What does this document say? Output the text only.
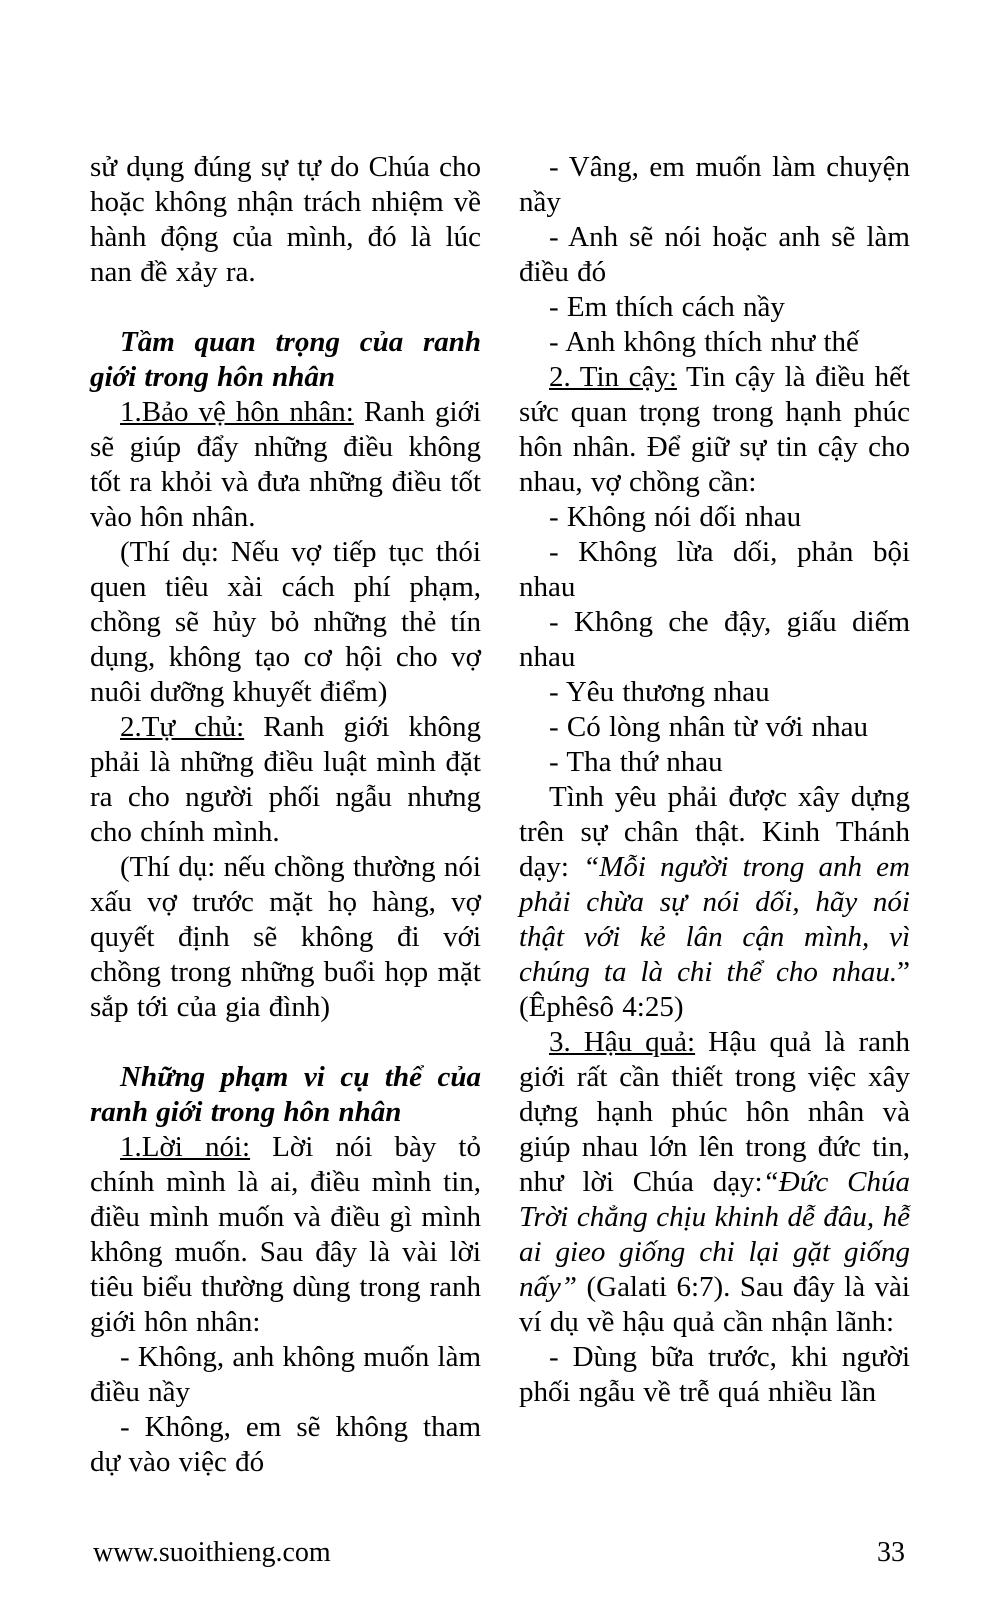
sử dụng đúng sự tự do Chúa cho hoặc không nhận trách nhiệm về hành động của mình, đó là lúc nan đề xảy ra.

Tầm quan trọng của ranh giới trong hôn nhân

1.Bảo vệ hôn nhân: Ranh giới sẽ giúp đẩy những điều không tốt ra khỏi và đưa những điều tốt vào hôn nhân.

(Thí dụ: Nếu vợ tiếp tục thói quen tiêu xài cách phí phạm, chồng sẽ hủy bỏ những thẻ tín dụng, không tạo cơ hội cho vợ nuôi dưỡng khuyết điểm)

2.Tự chủ: Ranh giới không phải là những điều luật mình đặt ra cho người phối ngẫu nhưng cho chính mình.

(Thí dụ: nếu chồng thường nói xấu vợ trước mặt họ hàng, vợ quyết định sẽ không đi với chồng trong những buổi họp mặt sắp tới của gia đình)

Những phạm vi cụ thể của ranh giới trong hôn nhân

1.Lời nói: Lời nói bày tỏ chính mình là ai, điều mình tin, điều mình muốn và điều gì mình không muốn. Sau đây là vài lời tiêu biểu thường dùng trong ranh giới hôn nhân:

- Không, anh không muốn làm điều nầy

- Không, em sẽ không tham dự vào việc đó

- Vâng, em muốn làm chuyện nầy

- Anh sẽ nói hoặc anh sẽ làm điều đó

- Em thích cách nầy

- Anh không thích như thế

2. Tin cậy: Tin cậy là điều hết sức quan trọng trong hạnh phúc hôn nhân. Để giữ sự tin cậy cho nhau, vợ chồng cần:

- Không nói dối nhau

- Không lừa dối, phản bội nhau

- Không che đậy, giấu diếm nhau

- Yêu thương nhau

- Có lòng nhân từ với nhau

- Tha thứ nhau

Tình yêu phải được xây dựng trên sự chân thật. Kinh Thánh dạy: “Mỗi người trong anh em phải chừa sự nói dối, hãy nói thật với kẻ lân cận mình, vì chúng ta là chi thể cho nhau.” (Êphêsô 4:25)

3. Hậu quả: Hậu quả là ranh giới rất cần thiết trong việc xây dựng hạnh phúc hôn nhân và giúp nhau lớn lên trong đức tin, như lời Chúa dạy:“Đức Chúa Trời chẳng chịu khinh dễ đâu, hễ ai gieo giống chi lại gặt giống nấy” (Galati 6:7). Sau đây là vài ví dụ về hậu quả cần nhận lãnh:

- Dùng bữa trước, khi người phối ngẫu về trễ quá nhiều lần

www.suoithieng.com	33
